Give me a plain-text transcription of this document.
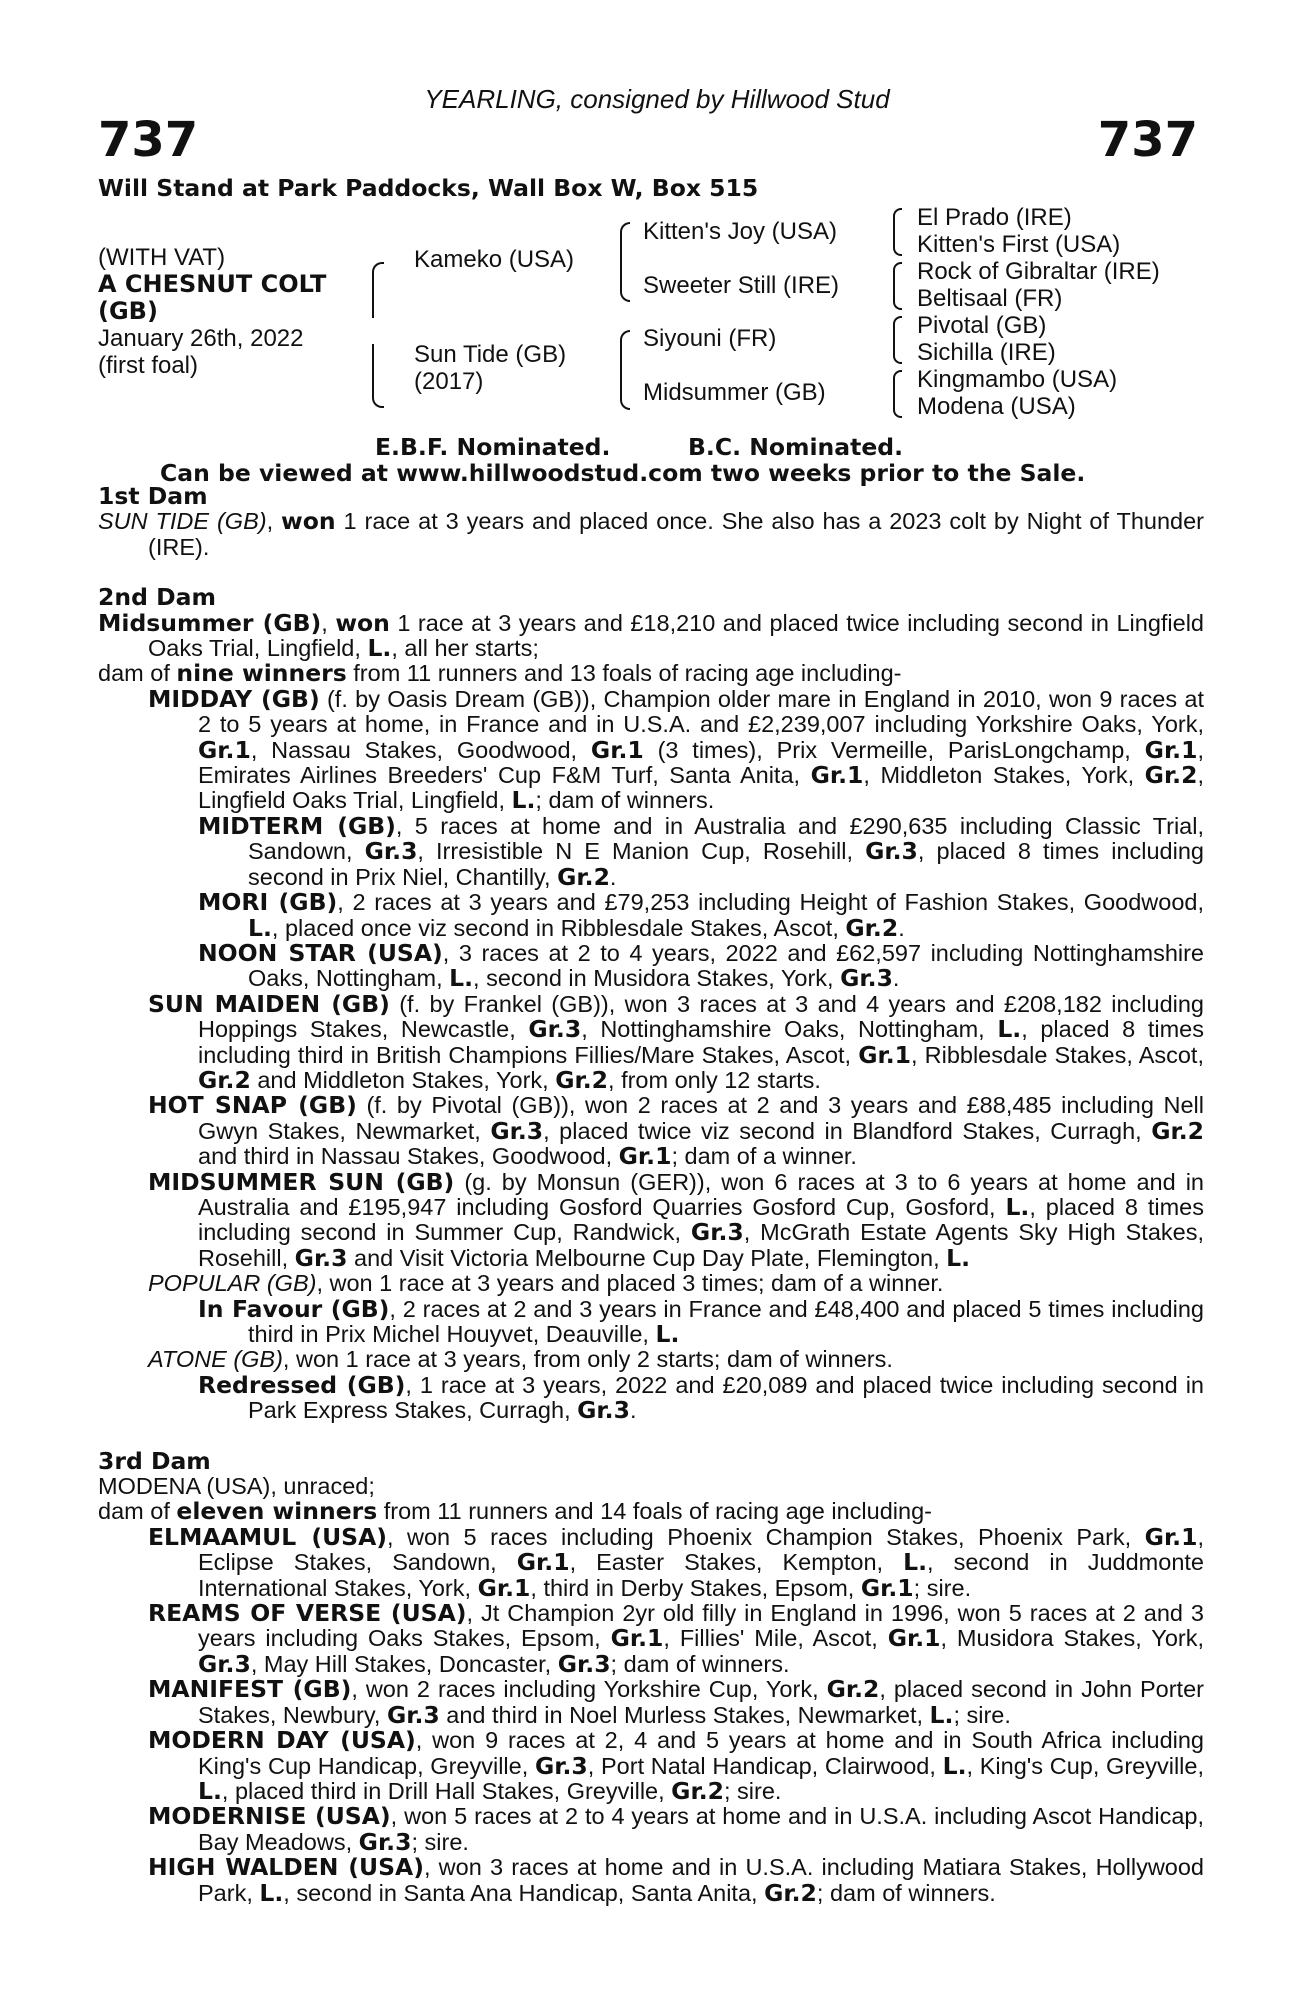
YEARLING, consigned by Hillwood Stud
737	737
Will Stand at Park Paddocks, Wall Box W, Box 515
(WITH VAT)
A CHESNUT COLT
(GB)
January 26th, 2022
(first foal)
Kameko (USA)
Sun Tide (GB)
(2017)
Kitten's Joy (USA)
Sweeter Still (IRE)
Siyouni (FR)
Midsummer (GB)
El Prado (IRE)
Kitten's First (USA)
Rock of Gibraltar (IRE)
Beltisaal (FR)
Pivotal (GB)
Sichilla (IRE)
Kingmambo (USA)
Modena (USA)
E.B.F. Nominated.	B.C. Nominated.
Can be viewed at www.hillwoodstud.com two weeks prior to the Sale.

1st Dam

SUN TIDE (GB), won 1 race at 3 years and placed once. She also has a 2023 colt by Night of Thunder (IRE).

2nd Dam

Midsummer (GB), won 1 race at 3 years and £18,210 and placed twice including second in Lingfield Oaks Trial, Lingfield, L., all her starts;

dam of nine winners from 11 runners and 13 foals of racing age including-

MIDDAY (GB) (f. by Oasis Dream (GB)), Champion older mare in England in 2010, won 9 races at 2 to 5 years at home, in France and in U.S.A. and £2,239,007 including Yorkshire Oaks, York, Gr.1, Nassau Stakes, Goodwood, Gr.1 (3 times), Prix Vermeille, ParisLongchamp, Gr.1, Emirates Airlines Breeders' Cup F&M Turf, Santa Anita, Gr.1, Middleton Stakes, York, Gr.2, Lingfield Oaks Trial, Lingfield, L.; dam of winners.

MIDTERM (GB), 5 races at home and in Australia and £290,635 including Classic Trial, Sandown, Gr.3, Irresistible N E Manion Cup, Rosehill, Gr.3, placed 8 times including second in Prix Niel, Chantilly, Gr.2.

MORI (GB), 2 races at 3 years and £79,253 including Height of Fashion Stakes, Goodwood, L., placed once viz second in Ribblesdale Stakes, Ascot, Gr.2.

NOON STAR (USA), 3 races at 2 to 4 years, 2022 and £62,597 including Nottinghamshire Oaks, Nottingham, L., second in Musidora Stakes, York, Gr.3.

SUN MAIDEN (GB) (f. by Frankel (GB)), won 3 races at 3 and 4 years and £208,182 including Hoppings Stakes, Newcastle, Gr.3, Nottinghamshire Oaks, Nottingham, L., placed 8 times including third in British Champions Fillies/Mare Stakes, Ascot, Gr.1, Ribblesdale Stakes, Ascot, Gr.2 and Middleton Stakes, York, Gr.2, from only 12 starts.

HOT SNAP (GB) (f. by Pivotal (GB)), won 2 races at 2 and 3 years and £88,485 including Nell Gwyn Stakes, Newmarket, Gr.3, placed twice viz second in Blandford Stakes, Curragh, Gr.2 and third in Nassau Stakes, Goodwood, Gr.1; dam of a winner.

MIDSUMMER SUN (GB) (g. by Monsun (GER)), won 6 races at 3 to 6 years at home and in Australia and £195,947 including Gosford Quarries Gosford Cup, Gosford, L., placed 8 times including second in Summer Cup, Randwick, Gr.3, McGrath Estate Agents Sky High Stakes, Rosehill, Gr.3 and Visit Victoria Melbourne Cup Day Plate, Flemington, L.

POPULAR (GB), won 1 race at 3 years and placed 3 times; dam of a winner.

In Favour (GB), 2 races at 2 and 3 years in France and £48,400 and placed 5 times including third in Prix Michel Houyvet, Deauville, L.

ATONE (GB), won 1 race at 3 years, from only 2 starts; dam of winners.

Redressed (GB), 1 race at 3 years, 2022 and £20,089 and placed twice including second in Park Express Stakes, Curragh, Gr.3.

3rd Dam

MODENA (USA), unraced;

dam of eleven winners from 11 runners and 14 foals of racing age including-

ELMAAMUL (USA), won 5 races including Phoenix Champion Stakes, Phoenix Park, Gr.1, Eclipse Stakes, Sandown, Gr.1, Easter Stakes, Kempton, L., second in Juddmonte International Stakes, York, Gr.1, third in Derby Stakes, Epsom, Gr.1; sire.

REAMS OF VERSE (USA), Jt Champion 2yr old filly in England in 1996, won 5 races at 2 and 3 years including Oaks Stakes, Epsom, Gr.1, Fillies' Mile, Ascot, Gr.1, Musidora Stakes, York, Gr.3, May Hill Stakes, Doncaster, Gr.3; dam of winners.

MANIFEST (GB), won 2 races including Yorkshire Cup, York, Gr.2, placed second in John Porter Stakes, Newbury, Gr.3 and third in Noel Murless Stakes, Newmarket, L.; sire.

MODERN DAY (USA), won 9 races at 2, 4 and 5 years at home and in South Africa including King's Cup Handicap, Greyville, Gr.3, Port Natal Handicap, Clairwood, L., King's Cup, Greyville, L., placed third in Drill Hall Stakes, Greyville, Gr.2; sire.

MODERNISE (USA), won 5 races at 2 to 4 years at home and in U.S.A. including Ascot Handicap, Bay Meadows, Gr.3; sire.

HIGH WALDEN (USA), won 3 races at home and in U.S.A. including Matiara Stakes, Hollywood Park, L., second in Santa Ana Handicap, Santa Anita, Gr.2; dam of winners.
